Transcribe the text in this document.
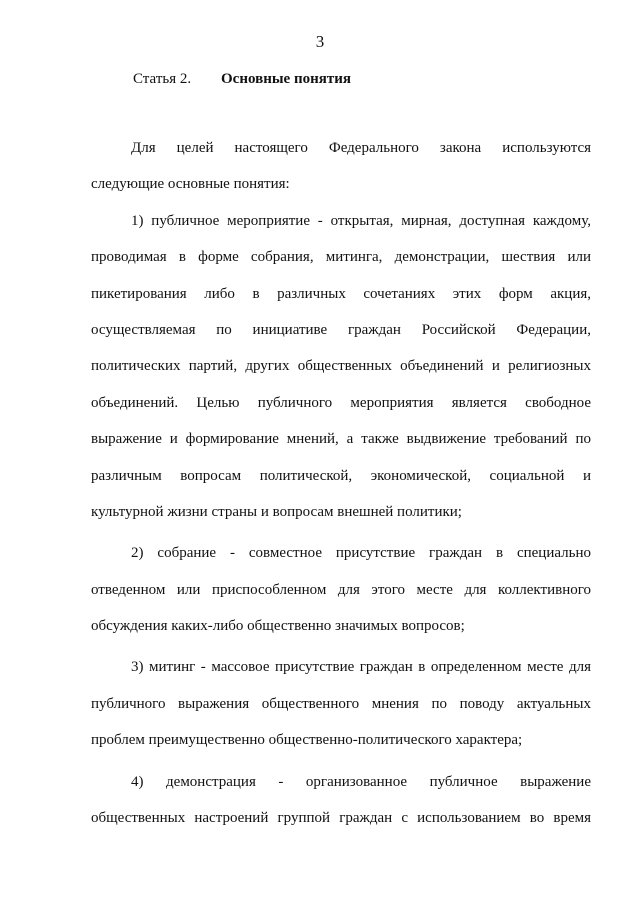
3
Статья 2. Основные понятия
Для целей настоящего Федерального закона используются
следующие основные понятия:
1) публичное мероприятие - открытая, мирная, доступная каждому,
проводимая в форме собрания, митинга, демонстрации, шествия или
пикетирования либо в различных сочетаниях этих форм акция,
осуществляемая по инициативе граждан Российской Федерации,
политических партий, других общественных объединений и религиозных
объединений. Целью публичного мероприятия является свободное
выражение и формирование мнений, а также выдвижение требований по
различным вопросам политической, экономической, социальной и
культурной жизни страны и вопросам внешней политики;
2) собрание - совместное присутствие граждан в специально
отведенном или приспособленном для этого месте для коллективного
обсуждения каких-либо общественно значимых вопросов;
3) митинг - массовое присутствие граждан в определенном месте для
публичного выражения общественного мнения по поводу актуальных
проблем преимущественно общественно-политического характера;
4) демонстрация - организованное публичное выражение
общественных настроений группой граждан с использованием во время
